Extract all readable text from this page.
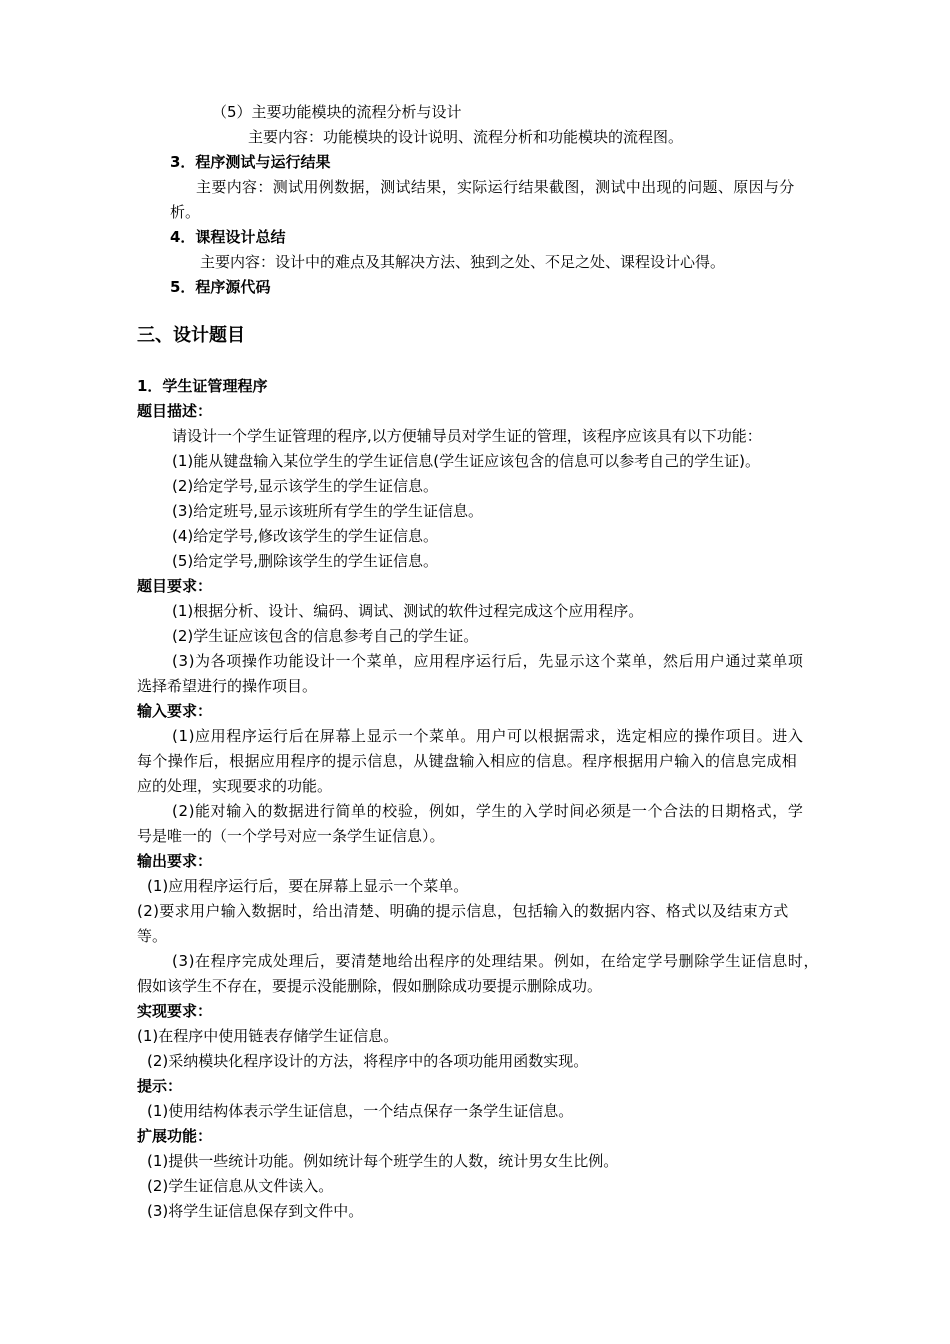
（5）主要功能模块的流程分析与设计
主要内容：功能模块的设计说明、流程分析和功能模块的流程图。
3．程序测试与运行结果
主要内容：测试用例数据，测试结果，实际运行结果截图，测试中出现的问题、原因与分
析。
4．课程设计总结
主要内容：设计中的难点及其解决方法、独到之处、不足之处、课程设计心得。
5．程序源代码
三、设计题目
1．学生证管理程序
题目描述：
请设计一个学生证管理的程序,以方便辅导员对学生证的管理，该程序应该具有以下功能：
(1)能从键盘输入某位学生的学生证信息(学生证应该包含的信息可以参考自己的学生证)。
(2)给定学号,显示该学生的学生证信息。
(3)给定班号,显示该班所有学生的学生证信息。
(4)给定学号,修改该学生的学生证信息。
(5)给定学号,删除该学生的学生证信息。
题目要求：
(1)根据分析、设计、编码、调试、测试的软件过程完成这个应用程序。
(2)学生证应该包含的信息参考自己的学生证。
(3)为各项操作功能设计一个菜单，应用程序运行后，先显示这个菜单，然后用户通过菜单项
选择希望进行的操作项目。
输入要求：
(1)应用程序运行后在屏幕上显示一个菜单。用户可以根据需求，选定相应的操作项目。进入
每个操作后，根据应用程序的提示信息，从键盘输入相应的信息。程序根据用户输入的信息完成相
应的处理，实现要求的功能。
(2)能对输入的数据进行简单的校验，例如，学生的入学时间必须是一个合法的日期格式，学
号是唯一的（一个学号对应一条学生证信息）。
输出要求：
(1)应用程序运行后，要在屏幕上显示一个菜单。
(2)要求用户输入数据时，给出清楚、明确的提示信息，包括输入的数据内容、格式以及结束方式
等。
(3)在程序完成处理后，要清楚地给出程序的处理结果。例如，在给定学号删除学生证信息时，
假如该学生不存在，要提示没能删除，假如删除成功要提示删除成功。
实现要求：
(1)在程序中使用链表存储学生证信息。
(2)采纳模块化程序设计的方法，将程序中的各项功能用函数实现。
提示：
(1)使用结构体表示学生证信息，一个结点保存一条学生证信息。
扩展功能：
(1)提供一些统计功能。例如统计每个班学生的人数，统计男女生比例。
(2)学生证信息从文件读入。
(3)将学生证信息保存到文件中。
